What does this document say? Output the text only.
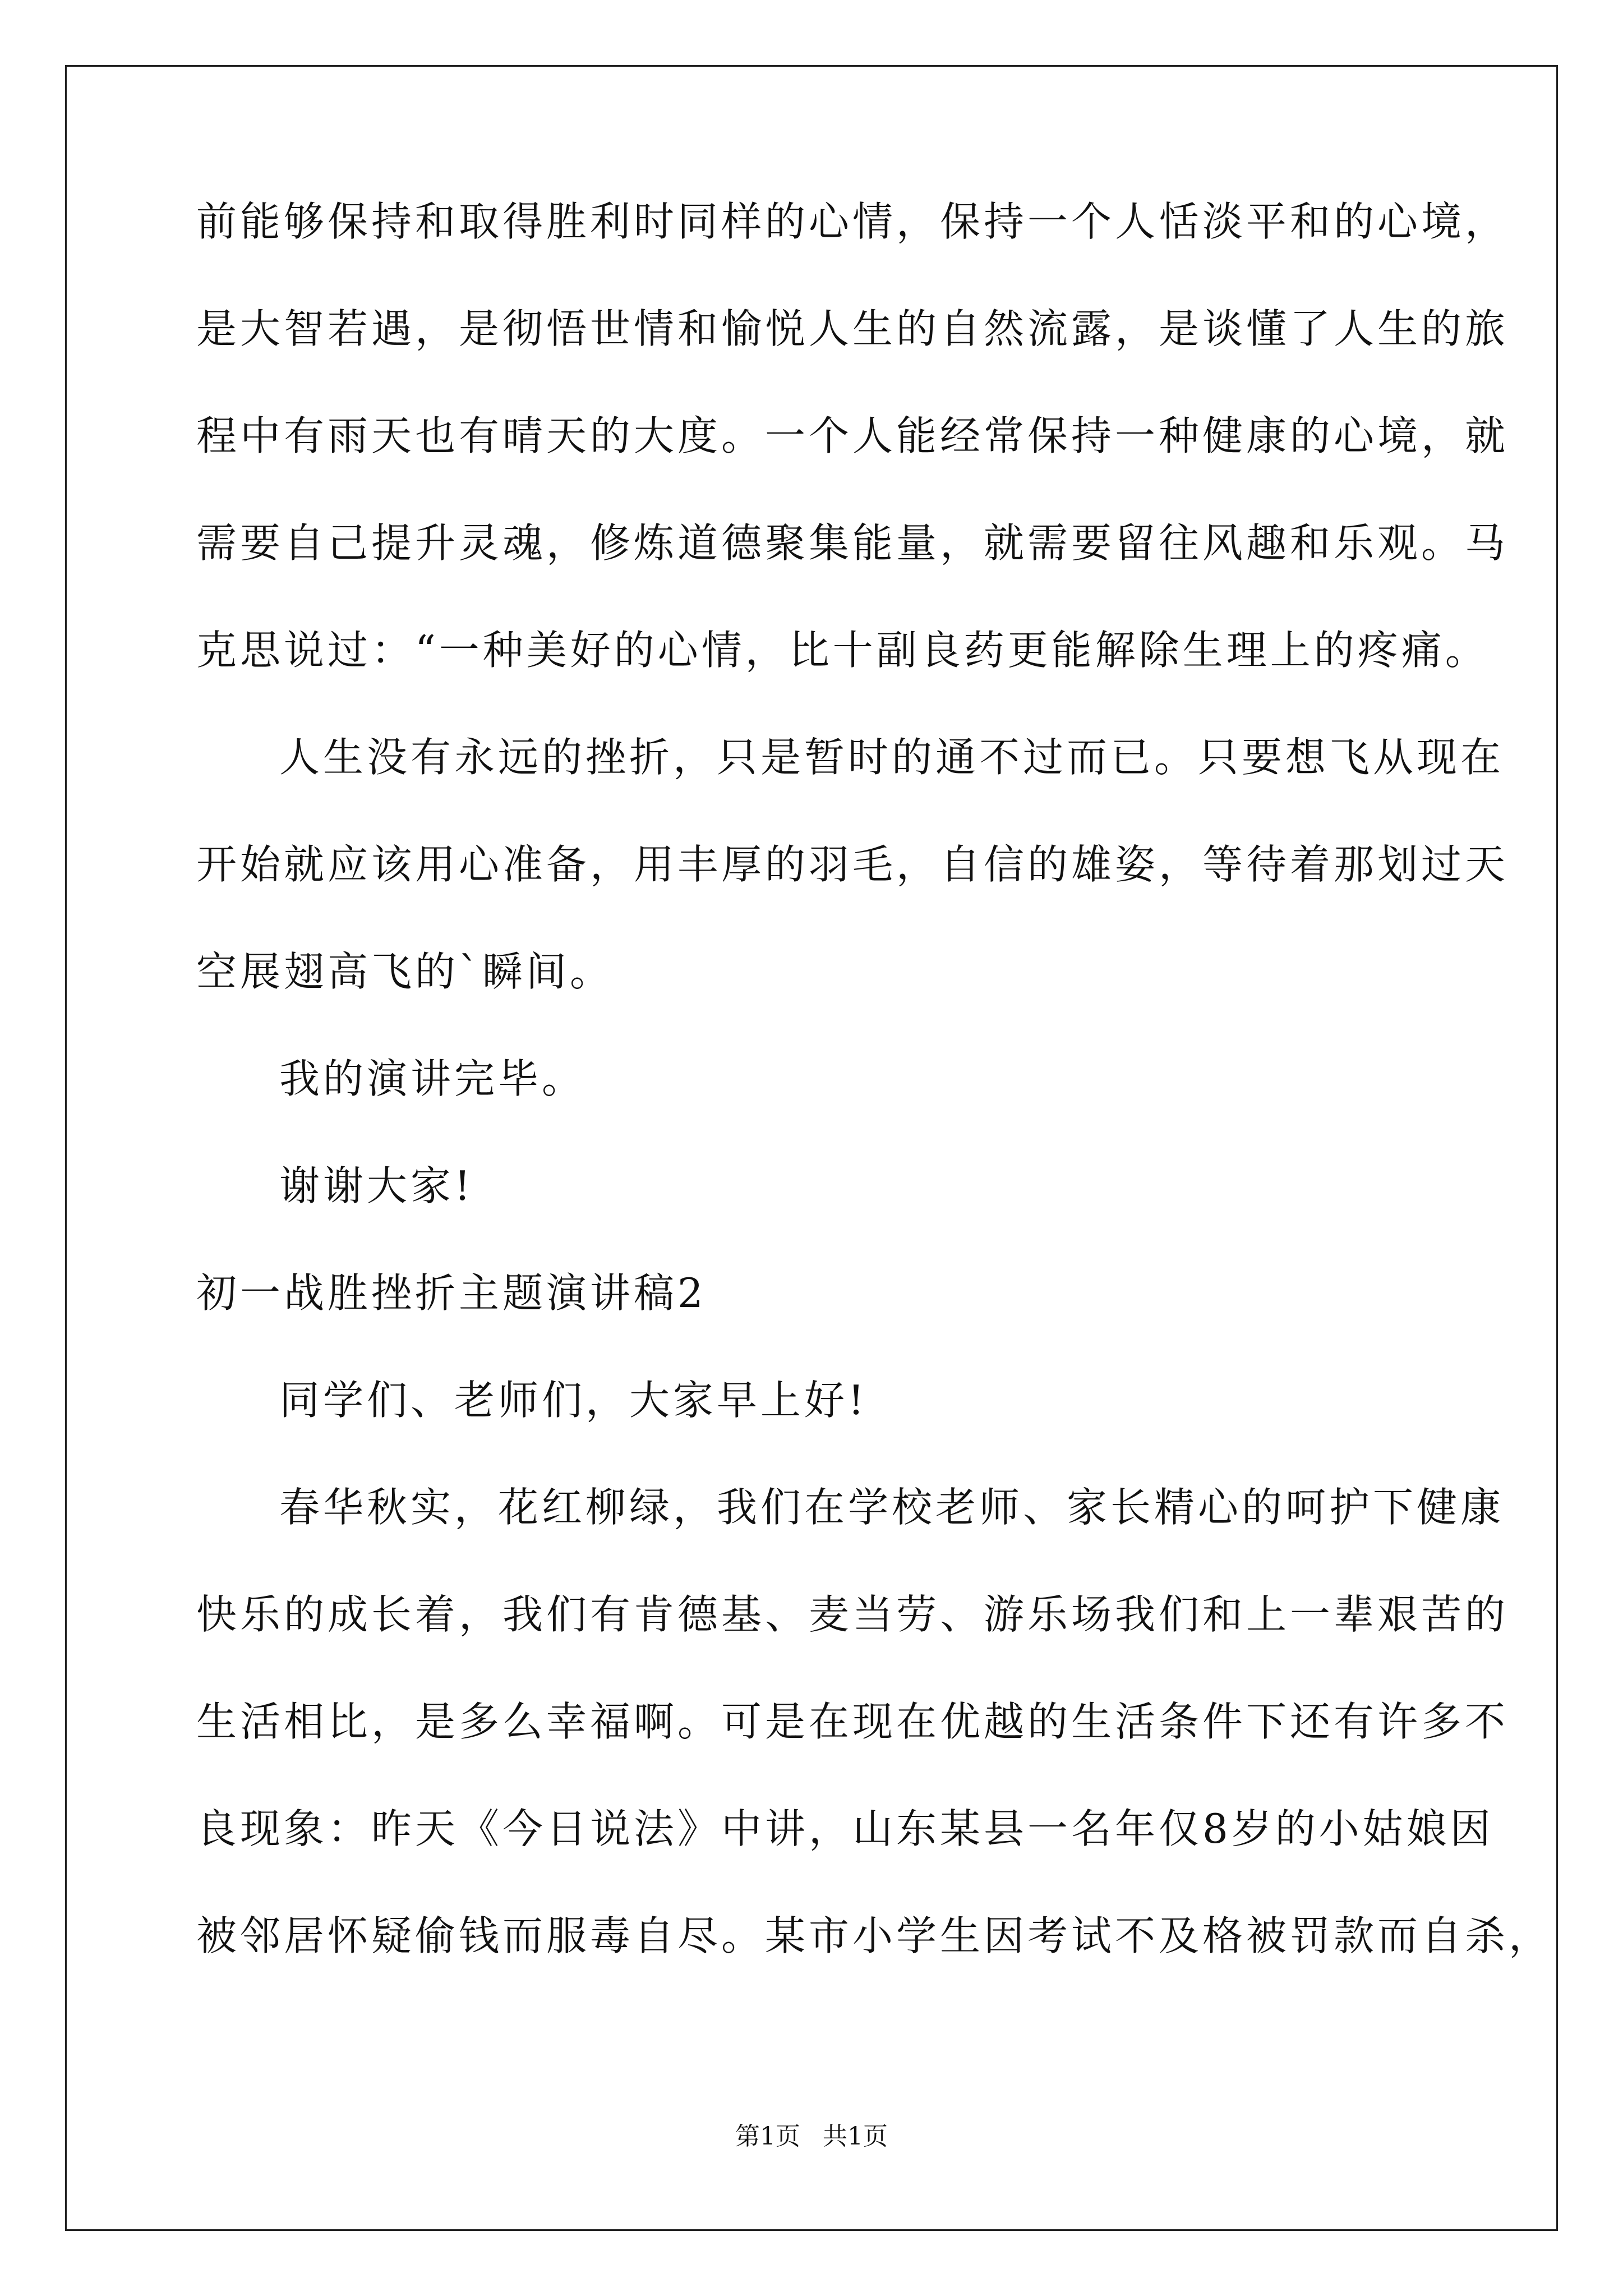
前能够保持和取得胜利时同样的心情，保持一个人恬淡平和的心境，
是大智若遇，是彻悟世情和愉悦人生的自然流露，是谈懂了人生的旅
程中有雨天也有晴天的大度。一个人能经常保持一种健康的心境，就
需要自己提升灵魂，修炼道德聚集能量，就需要留往风趣和乐观。马
克思说过：“一种美好的心情，比十副良药更能解除生理上的疼痛。
人生没有永远的挫折，只是暂时的通不过而已。只要想飞从现在
开始就应该用心准备，用丰厚的羽毛，自信的雄姿，等待着那划过天
空展翅高飞的`瞬间。
我的演讲完毕。
谢谢大家!
初一战胜挫折主题演讲稿2
同学们、老师们，大家早上好!
春华秋实，花红柳绿，我们在学校老师、家长精心的呵护下健康
快乐的成长着，我们有肯德基、麦当劳、游乐场我们和上一辈艰苦的
生活相比，是多么幸福啊。可是在现在优越的生活条件下还有许多不
良现象：昨天《今日说法》中讲，山东某县一名年仅8岁的小姑娘因
被邻居怀疑偷钱而服毒自尽。某市小学生因考试不及格被罚款而自杀，
第1页 共1页
